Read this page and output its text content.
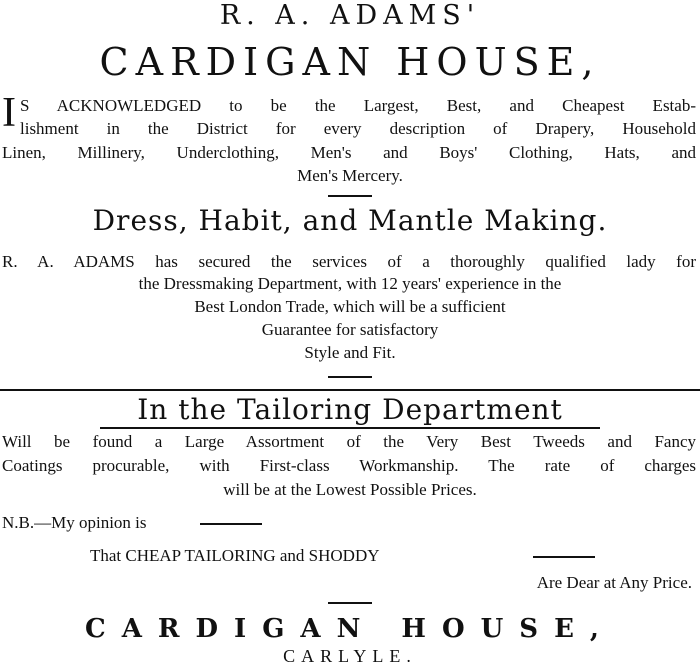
R. A. ADAMS'
CARDIGAN HOUSE,
I S ACKNOWLEDGED to be the Largest, Best, and Cheapest Estab-
lishment in the District for every description of Drapery, Household
Linen, Millinery, Underclothing, Men's and Boys' Clothing, Hats, and
Men's Mercery.
Dress, Habit, and Mantle Making.
R. A. ADAMS has secured the services of a thoroughly qualified lady for
the Dressmaking Department, with 12 years' experience in the
Best London Trade, which will be a sufficient
Guarantee for satisfactory
Style and Fit.
In the Tailoring Department
Will be found a Large Assortment of the Very Best Tweeds and Fancy
Coatings procurable, with First-class Workmanship. The rate of charges
will be at the Lowest Possible Prices.
N.B.—My opinion is
That CHEAP TAILORING and SHODDY
Are Dear at Any Price.
CARDIGAN HOUSE,
CARLYLE.
